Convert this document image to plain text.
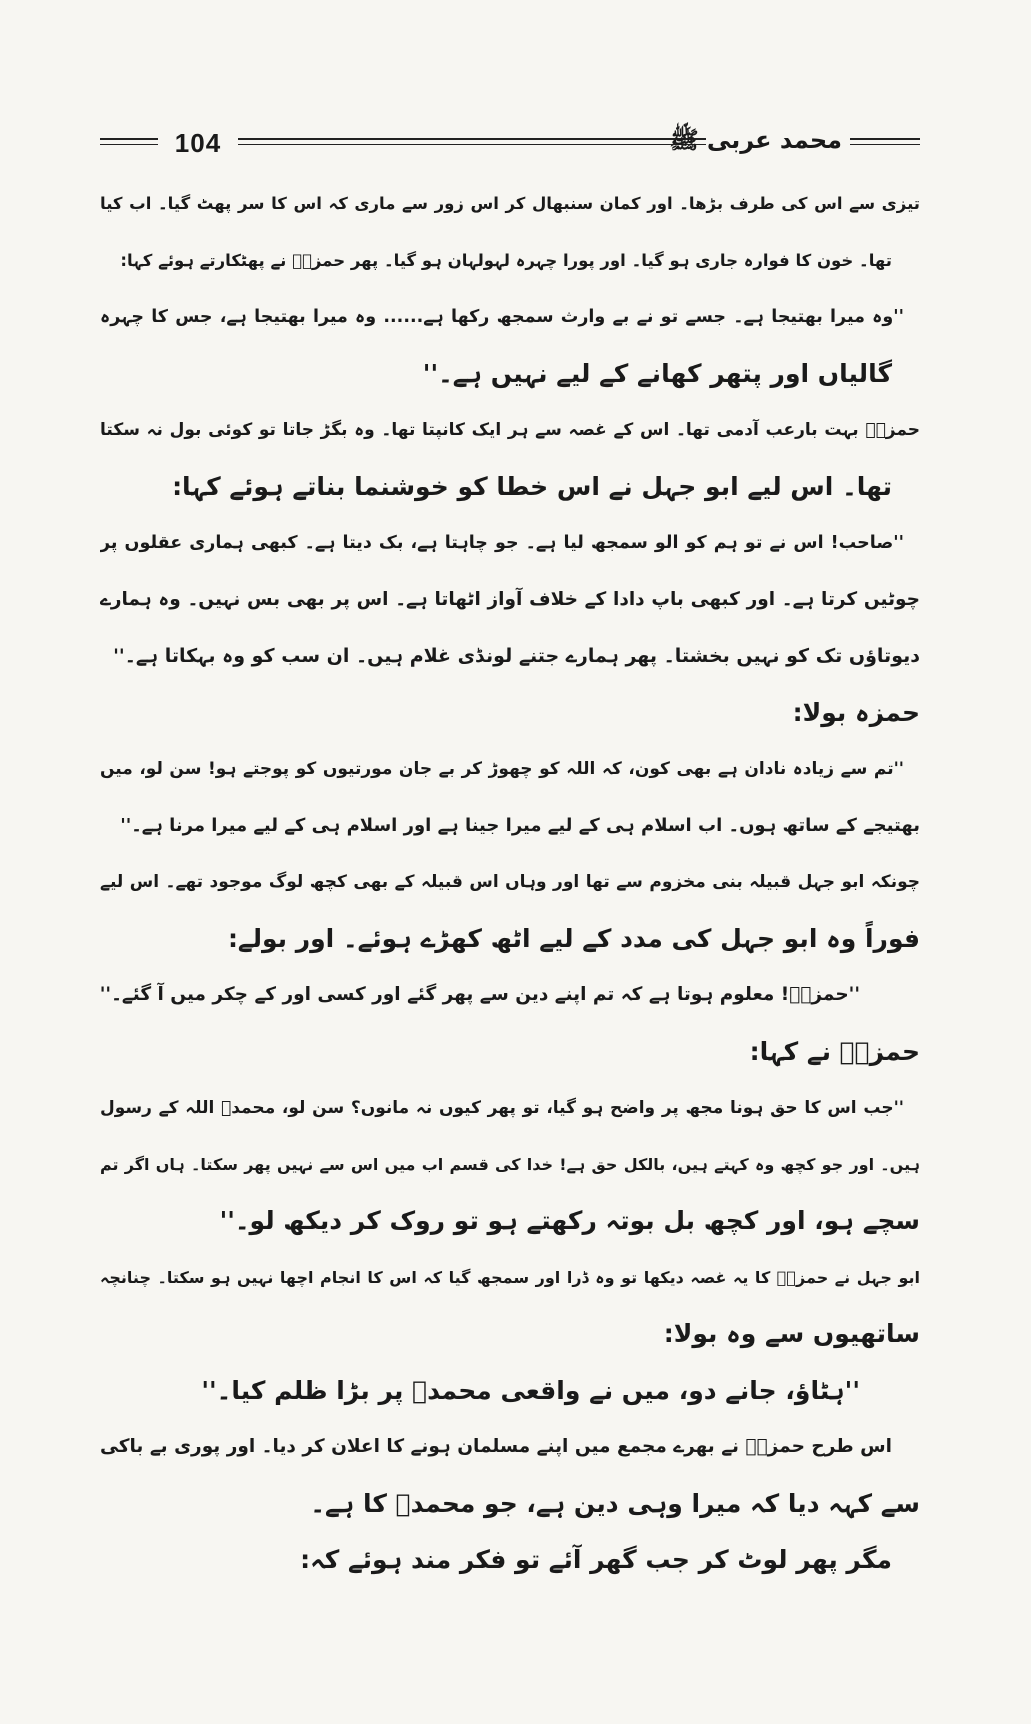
104	محمد عربی ﷺ
تیزی سے اس کی طرف بڑھا۔ اور کمان سنبھال کر اس زور سے ماری کہ اس کا سر پھٹ گیا۔ اب کیا
تھا۔ خون کا فوارہ جاری ہو گیا۔ اور پورا چہرہ لہولہان ہو گیا۔ پھر حمزہؓ نے پھٹکارتے ہوئے کہا:
''وہ میرا بھتیجا ہے۔ جسے تو نے بے وارث سمجھ رکھا ہے...... وہ میرا بھتیجا ہے، جس کا چہرہ
گالیاں اور پتھر کھانے کے لیے نہیں ہے۔''
حمزہؓ بہت بارعب آدمی تھا۔ اس کے غصہ سے ہر ایک کانپتا تھا۔ وہ بگڑ جاتا تو کوئی بول نہ سکتا
تھا۔ اس لیے ابو جہل نے اس خطا کو خوشنما بناتے ہوئے کہا:
''صاحب! اس نے تو ہم کو الو سمجھ لیا ہے۔ جو چاہتا ہے، بک دیتا ہے۔ کبھی ہماری عقلوں پر
چوٹیں کرتا ہے۔ اور کبھی باپ دادا کے خلاف آواز اٹھاتا ہے۔ اس پر بھی بس نہیں۔ وہ ہمارے
دیوتاؤں تک کو نہیں بخشتا۔ پھر ہمارے جتنے لونڈی غلام ہیں۔ ان سب کو وہ بہکاتا ہے۔''
حمزہ بولا:
''تم سے زیادہ نادان ہے بھی کون، کہ اللہ کو چھوڑ کر بے جان مورتیوں کو پوجتے ہو! سن لو، میں
بھتیجے کے ساتھ ہوں۔ اب اسلام ہی کے لیے میرا جینا ہے اور اسلام ہی کے لیے میرا مرنا ہے۔''
چونکہ ابو جہل قبیلہ بنی مخزوم سے تھا اور وہاں اس قبیلہ کے بھی کچھ لوگ موجود تھے۔ اس لیے
فوراً وہ ابو جہل کی مدد کے لیے اٹھ کھڑے ہوئے۔ اور بولے:
''حمزہؓ! معلوم ہوتا ہے کہ تم اپنے دین سے پھر گئے اور کسی اور کے چکر میں آ گئے۔''
حمزہؓ نے کہا:
''جب اس کا حق ہونا مجھ پر واضح ہو گیا، تو پھر کیوں نہ مانوں؟ سن لو، محمدؐ اللہ کے رسول
ہیں۔ اور جو کچھ وہ کہتے ہیں، بالکل حق ہے! خدا کی قسم اب میں اس سے نہیں پھر سکتا۔ ہاں اگر تم
سچے ہو، اور کچھ بل بوتہ رکھتے ہو تو روک کر دیکھ لو۔''
ابو جہل نے حمزہؓ کا یہ غصہ دیکھا تو وہ ڈرا اور سمجھ گیا کہ اس کا انجام اچھا نہیں ہو سکتا۔ چنانچہ
ساتھیوں سے وہ بولا:
''ہٹاؤ، جانے دو، میں نے واقعی محمدؐ پر بڑا ظلم کیا۔''
اس طرح حمزہؓ نے بھرے مجمع میں اپنے مسلمان ہونے کا اعلان کر دیا۔ اور پوری بے باکی
سے کہہ دیا کہ میرا وہی دین ہے، جو محمدؐ کا ہے۔
مگر پھر لوٹ کر جب گھر آئے تو فکر مند ہوئے کہ:
